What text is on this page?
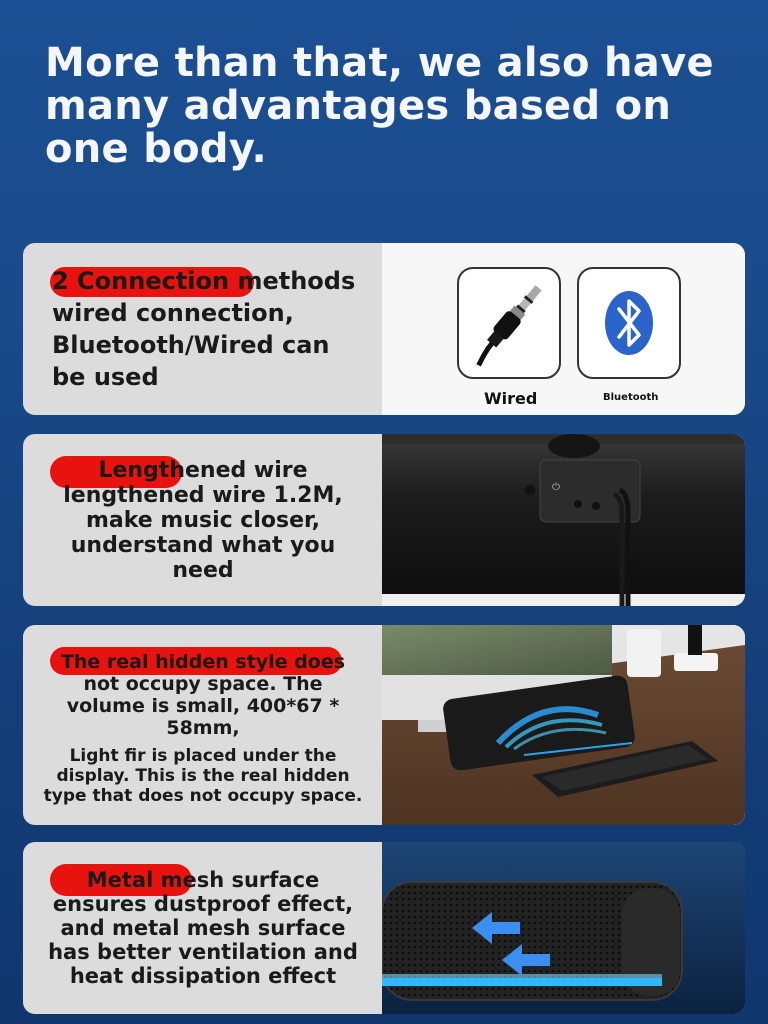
More than that, we also have
many advantages based on
one body.
2 Connection methods
wired connection,
Bluetooth/Wired can
be used
Wired	Bluetooth
Lengthened wire
lengthened wire 1.2M,
make music closer,
understand what you
need
⏻
The real hidden style does
not occupy space. The
volume is small, 400*67 *
58mm,
Light fir is placed under the
display. This is the real hidden
type that does not occupy space.
Metal mesh surface
ensures dustproof effect,
and metal mesh surface
has better ventilation and
heat dissipation effect
